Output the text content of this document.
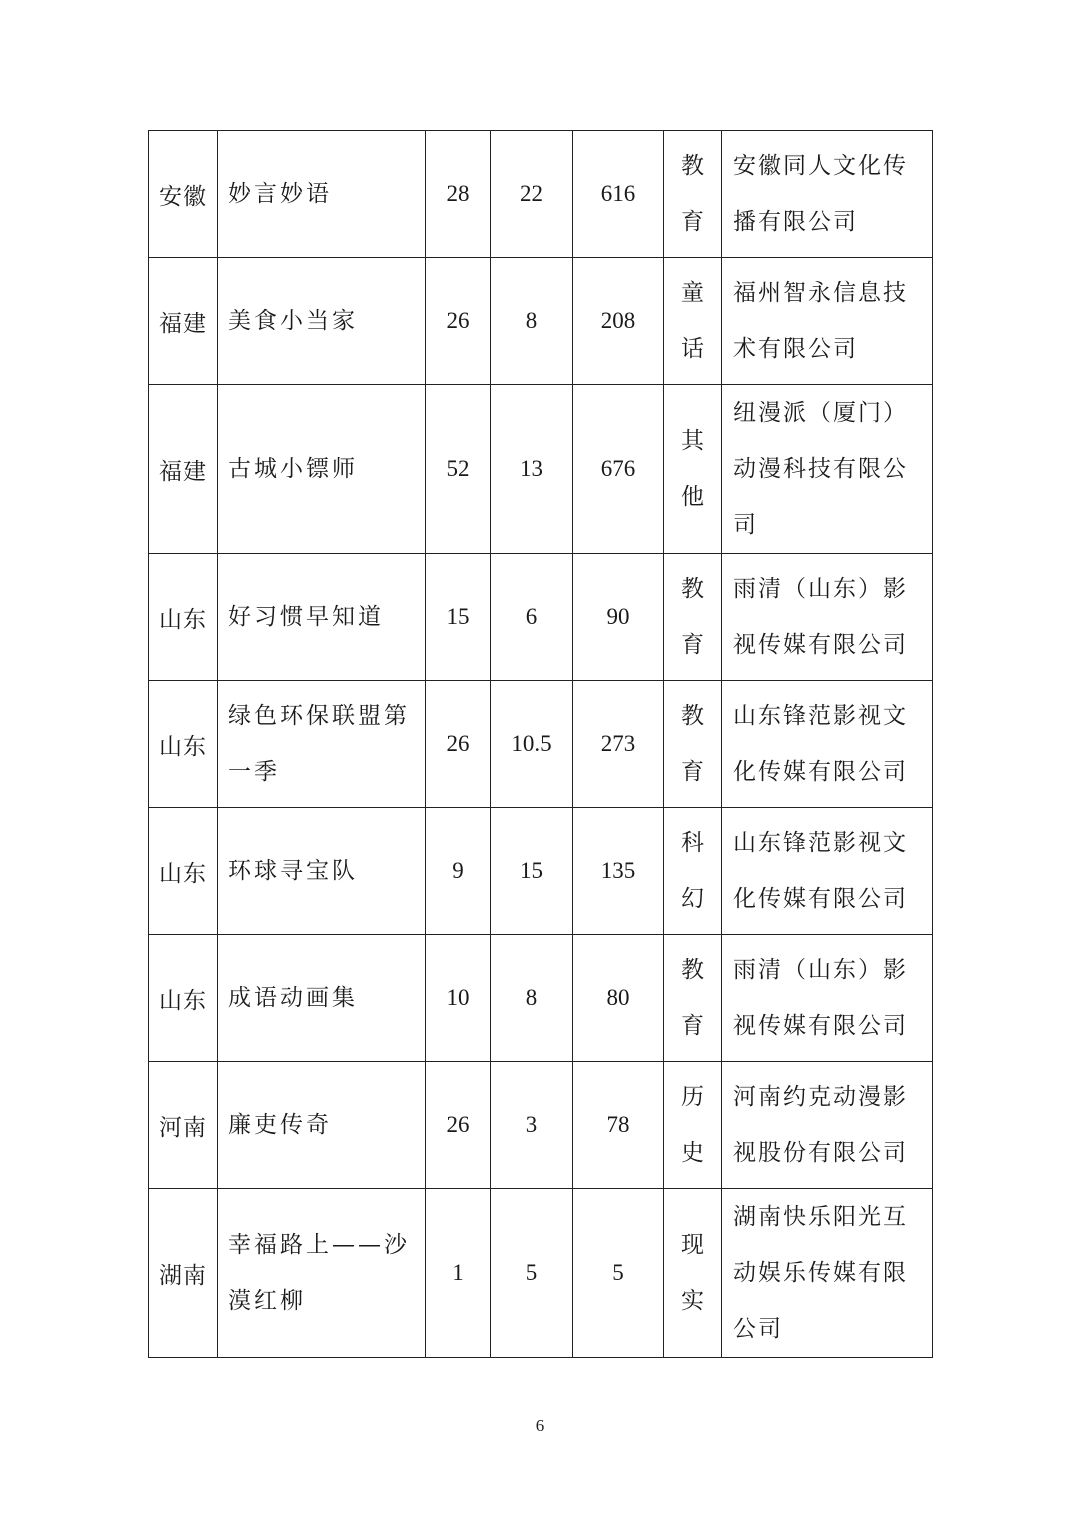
安徽	妙言妙语	28	22	616	教育	安徽同人文化传播有限公司
福建	美食小当家	26	8	208	童话	福州智永信息技术有限公司
福建	古城小镖师	52	13	676	其他	纽漫派（厦门）动漫科技有限公司
山东	好习惯早知道	15	6	90	教育	雨清（山东）影视传媒有限公司
山东	绿色环保联盟第一季	26	10.5	273	教育	山东锋范影视文化传媒有限公司
山东	环球寻宝队	9	15	135	科幻	山东锋范影视文化传媒有限公司
山东	成语动画集	10	8	80	教育	雨清（山东）影视传媒有限公司
河南	廉吏传奇	26	3	78	历史	河南约克动漫影视股份有限公司
湖南	幸福路上——沙漠红柳	1	5	5	现实	湖南快乐阳光互动娱乐传媒有限公司
6
